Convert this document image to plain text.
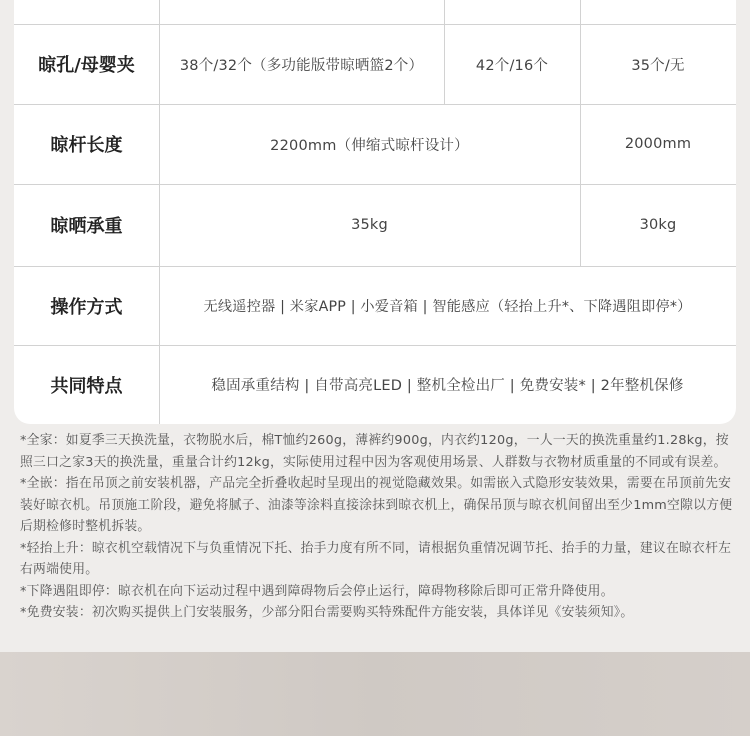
晾孔/母婴夹	38个/32个（多功能版带晾晒篮2个）	42个/16个	35个/无
晾杆长度	2200mm（伸缩式晾杆设计）	2000mm
晾晒承重	35kg	30kg
操作方式	无线遥控器 | 米家APP | 小爱音箱 | 智能感应（轻抬上升*、下降遇阻即停*）
共同特点	稳固承重结构 | 自带高亮LED | 整机全检出厂 | 免费安装* | 2年整机保修

*全家：如夏季三天换洗量，衣物脱水后，棉T恤约260g，薄裤约900g，内衣约120g，一人一天的换洗重量约1.28kg，按照三口之家3天的换洗量，重量合计约12kg，实际使用过程中因为客观使用场景、人群数与衣物材质重量的不同或有误差。

*全嵌：指在吊顶之前安装机器，产品完全折叠收起时呈现出的视觉隐藏效果。如需嵌入式隐形安装效果，需要在吊顶前先安装好晾衣机。吊顶施工阶段，避免将腻子、油漆等涂料直接涂抹到晾衣机上，确保吊顶与晾衣机间留出至少1mm空隙以方便后期检修时整机拆装。

*轻抬上升：晾衣机空载情况下与负重情况下托、抬手力度有所不同，请根据负重情况调节托、抬手的力量，建议在晾衣杆左右两端使用。

*下降遇阻即停：晾衣机在向下运动过程中遇到障碍物后会停止运行，障碍物移除后即可正常升降使用。

*免费安装：初次购买提供上门安装服务，少部分阳台需要购买特殊配件方能安装，具体详见《安装须知》。
